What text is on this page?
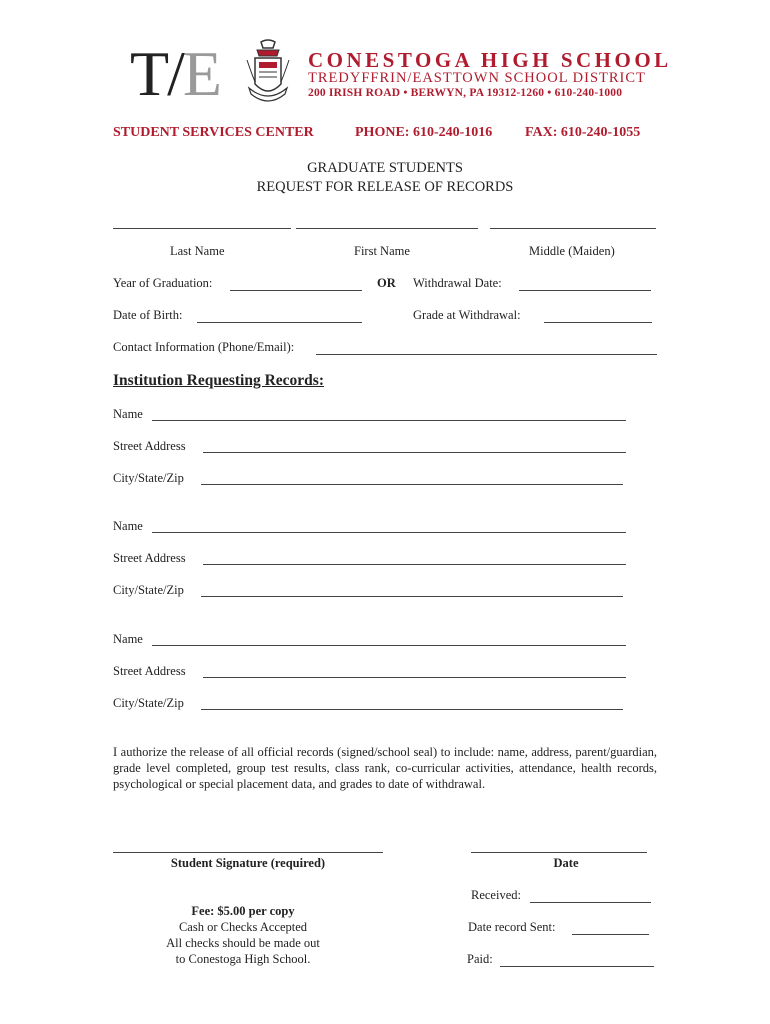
T/E	CONESTOGA HIGH SCHOOL
TREDYFFRIN/EASTTOWN SCHOOL DISTRICT
200 IRISH ROAD • BERWYN, PA 19312-1260 • 610-240-1000
STUDENT SERVICES CENTER	PHONE: 610-240-1016 FAX: 610-240-1055
GRADUATE STUDENTS
REQUEST FOR RELEASE OF RECORDS
Last Name	First Name	Middle (Maiden)
Year of Graduation:	OR Withdrawal Date:
Date of Birth:	Grade at Withdrawal:
Contact Information (Phone/Email):
Institution Requesting Records:
Name
Street Address
City/State/Zip
Name
Street Address
City/State/Zip
Name
Street Address
City/State/Zip
I authorize the release of all official records (signed/school seal) to include: name, address, parent/guardian, grade level completed, group test results, class rank, co-curricular activities, attendance, health records, psychological or special placement data, and grades to date of withdrawal.
Student Signature (required)	Date
Fee: $5.00 per copy
Cash or Checks Accepted
All checks should be made out
to Conestoga High School.
Received:
Date record Sent:
Paid:
